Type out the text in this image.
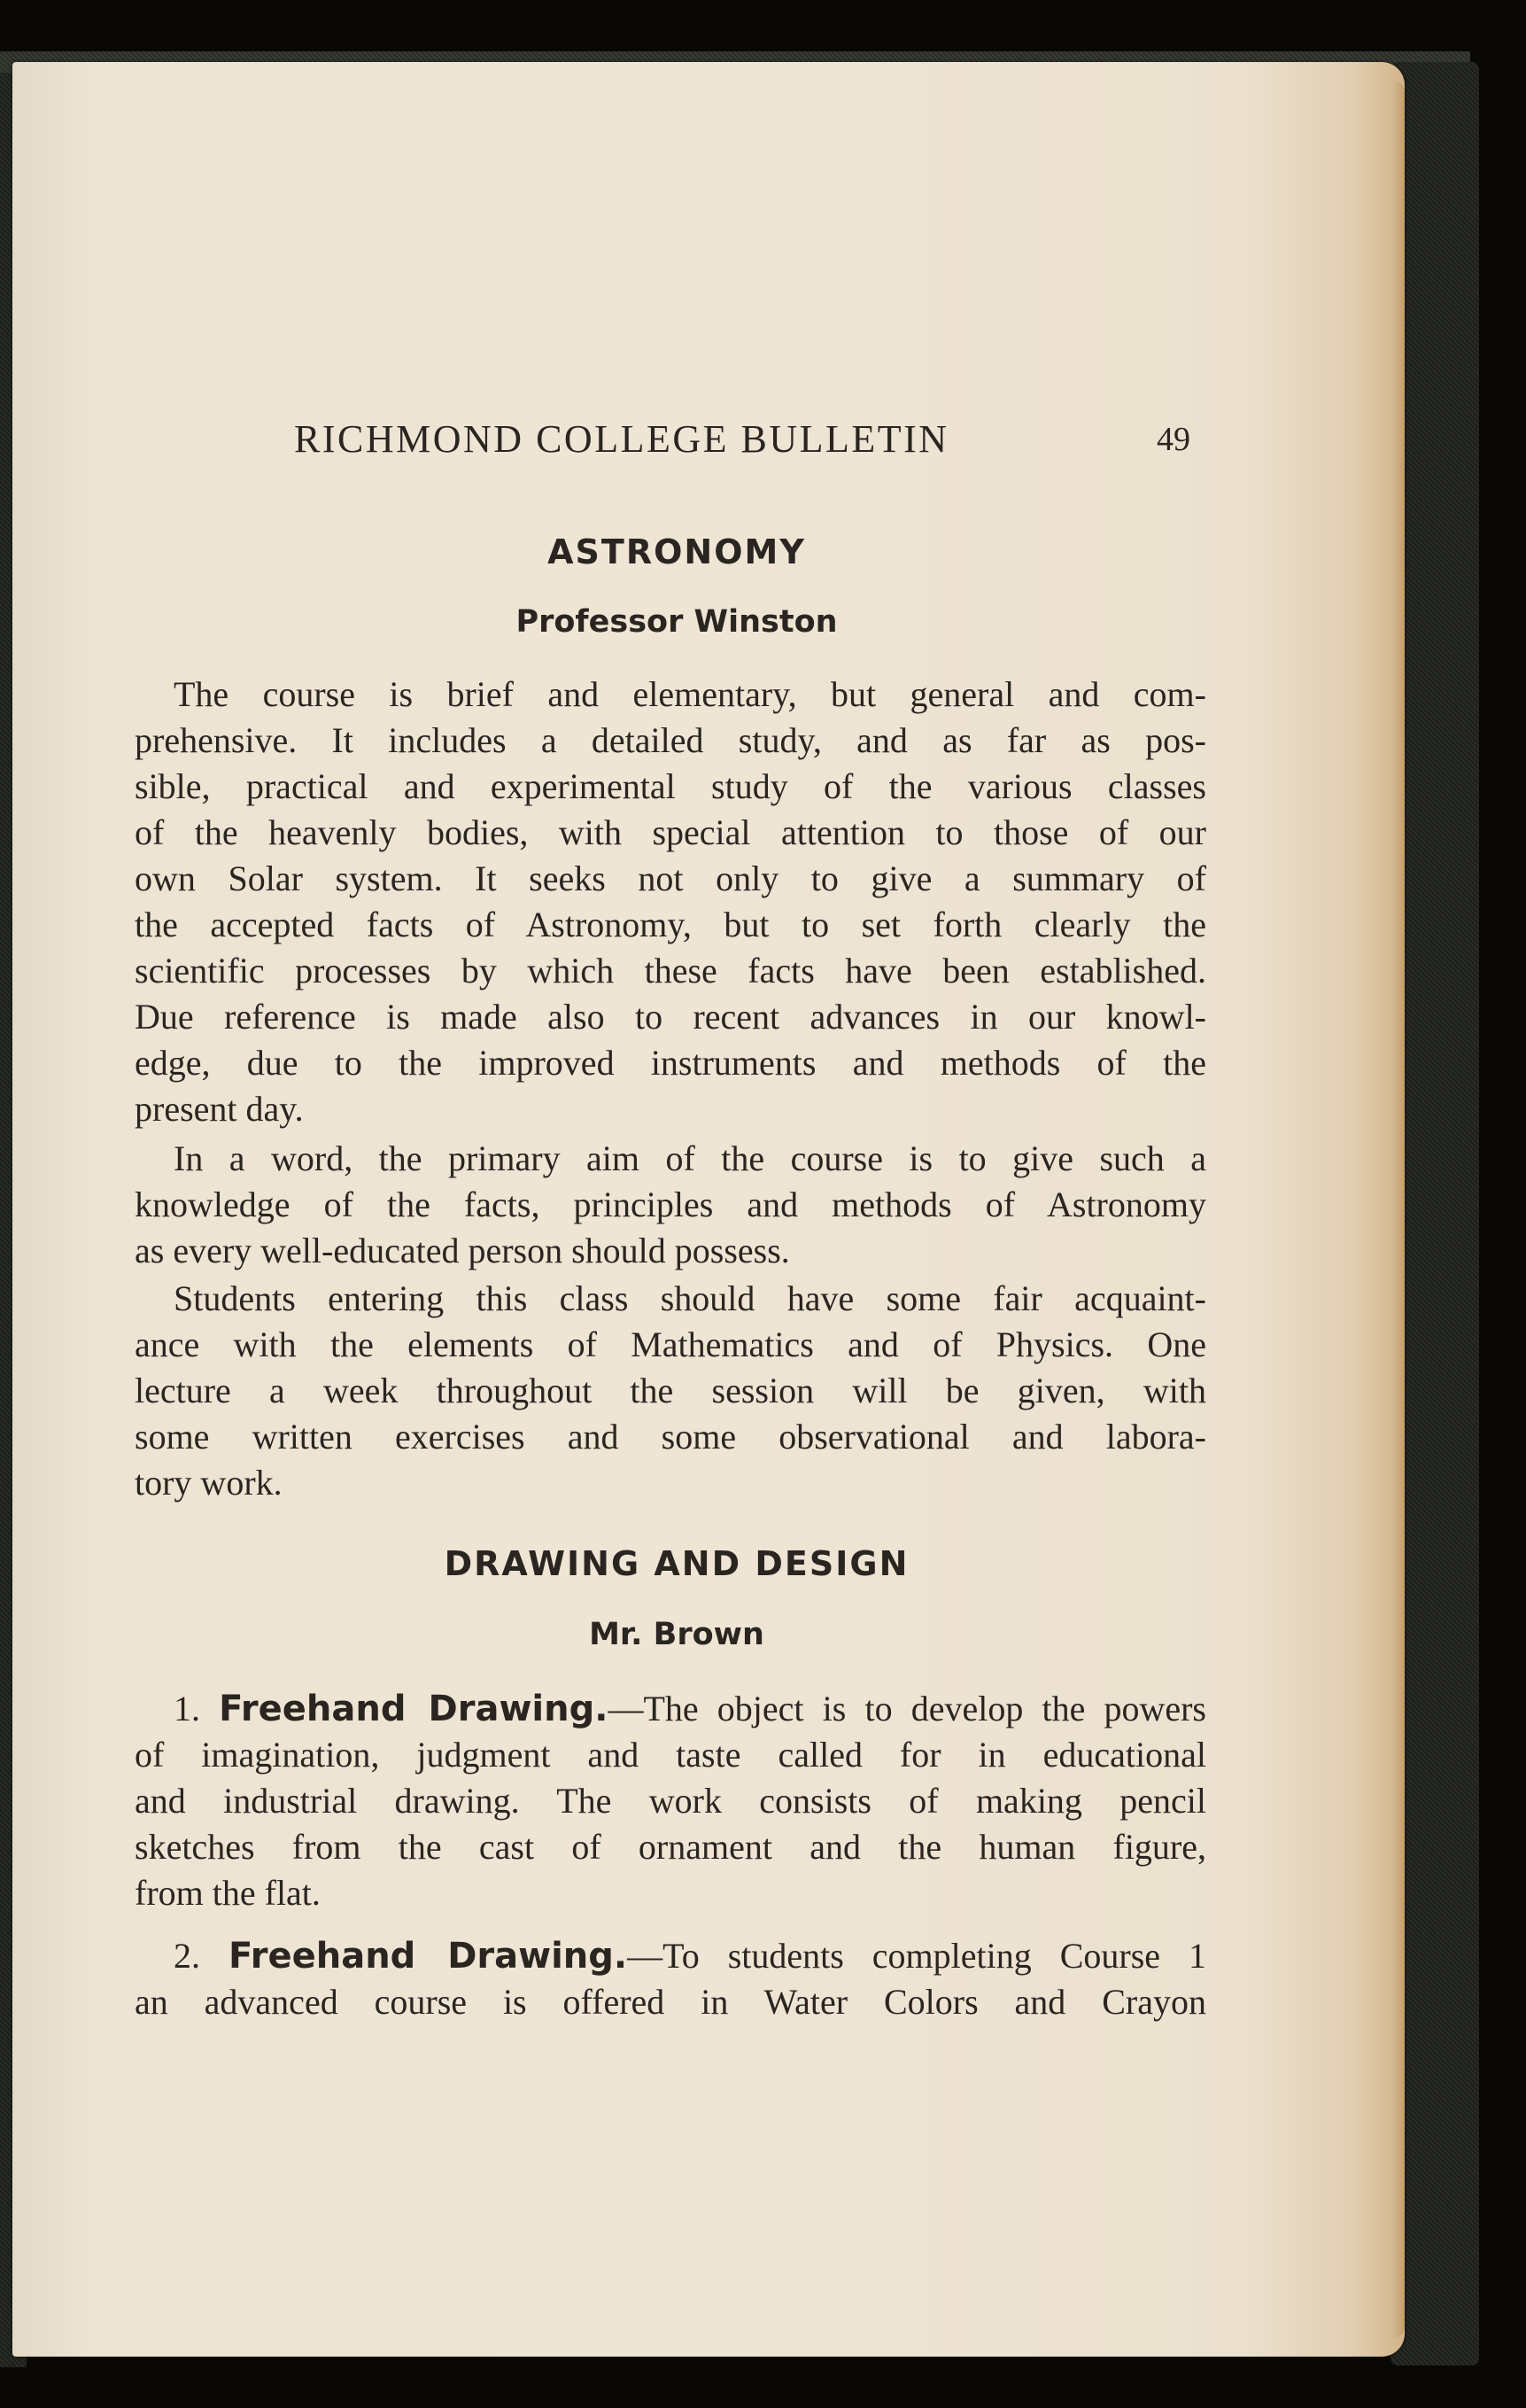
RICHMOND COLLEGE BULLETIN	49
ASTRONOMY
Professor Winston
The course is brief and elementary, but general and com-
prehensive. It includes a detailed study, and as far as pos-
sible, practical and experimental study of the various classes
of the heavenly bodies, with special attention to those of our
own Solar system. It seeks not only to give a summary of
the accepted facts of Astronomy, but to set forth clearly the
scientific processes by which these facts have been established.
Due reference is made also to recent advances in our knowl-
edge, due to the improved instruments and methods of the
present day.
In a word, the primary aim of the course is to give such a
knowledge of the facts, principles and methods of Astronomy
as every well-educated person should possess.
Students entering this class should have some fair acquaint-
ance with the elements of Mathematics and of Physics. One
lecture a week throughout the session will be given, with
some written exercises and some observational and labora-
tory work.
DRAWING AND DESIGN
Mr. Brown
1. Freehand Drawing.—The object is to develop the powers
of imagination, judgment and taste called for in educational
and industrial drawing. The work consists of making pencil
sketches from the cast of ornament and the human figure,
from the flat.
2. Freehand Drawing.—To students completing Course 1
an advanced course is offered in Water Colors and Crayon
